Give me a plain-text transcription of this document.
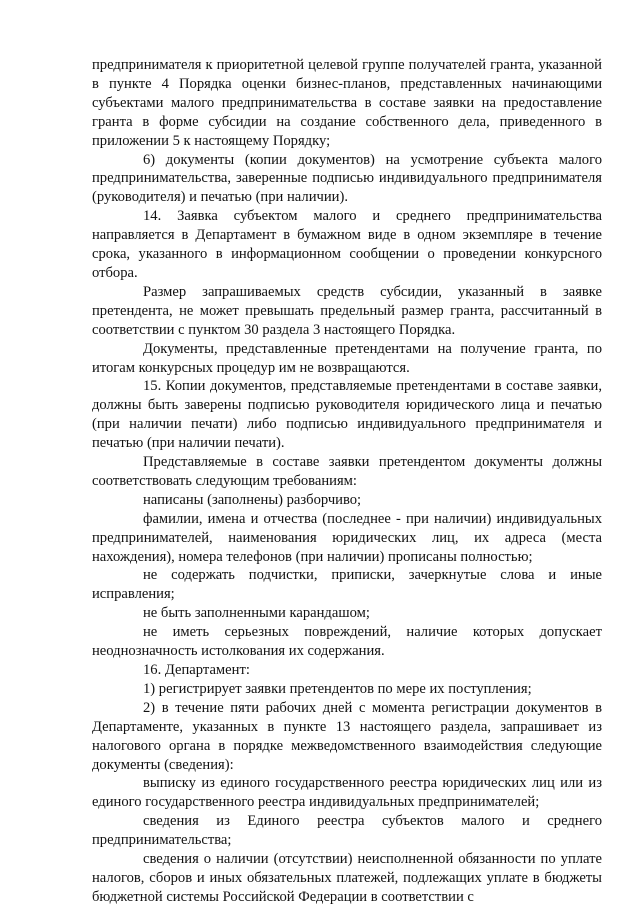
предпринимателя к приоритетной целевой группе получателей гранта, указанной в пункте 4 Порядка оценки бизнес-планов, представленных начинающими субъектами малого предпринимательства в составе заявки на предоставление гранта в форме субсидии на создание собственного дела, приведенного в приложении 5 к настоящему Порядку;

6) документы (копии документов) на усмотрение субъекта малого предпринимательства, заверенные подписью индивидуального предпринимателя (руководителя) и печатью (при наличии).

14. Заявка субъектом малого и среднего предпринимательства направляется в Департамент в бумажном виде в одном экземпляре в течение срока, указанного в информационном сообщении о проведении конкурсного отбора.

Размер запрашиваемых средств субсидии, указанный в заявке претендента, не может превышать предельный размер гранта, рассчитанный в соответствии с пунктом 30 раздела 3 настоящего Порядка.

Документы, представленные претендентами на получение гранта, по итогам конкурсных процедур им не возвращаются.

15. Копии документов, представляемые претендентами в составе заявки, должны быть заверены подписью руководителя юридического лица и печатью (при наличии печати) либо подписью индивидуального предпринимателя и печатью (при наличии печати).

Представляемые в составе заявки претендентом документы должны соответствовать следующим требованиям:

написаны (заполнены) разборчиво;

фамилии, имена и отчества (последнее - при наличии) индивидуальных предпринимателей, наименования юридических лиц, их адреса (места нахождения), номера телефонов (при наличии) прописаны полностью;

не содержать подчистки, приписки, зачеркнутые слова и иные исправления;

не быть заполненными карандашом;

не иметь серьезных повреждений, наличие которых допускает неоднозначность истолкования их содержания.

16. Департамент:

1) регистрирует заявки претендентов по мере их поступления;

2) в течение пяти рабочих дней с момента регистрации документов в Департаменте, указанных в пункте 13 настоящего раздела, запрашивает из налогового органа в порядке межведомственного взаимодействия следующие документы (сведения):

выписку из единого государственного реестра юридических лиц или из единого государственного реестра индивидуальных предпринимателей;

сведения из Единого реестра субъектов малого и среднего предпринимательства;

сведения о наличии (отсутствии) неисполненной обязанности по уплате налогов, сборов и иных обязательных платежей, подлежащих уплате в бюджеты бюджетной системы Российской Федерации в соответствии с
